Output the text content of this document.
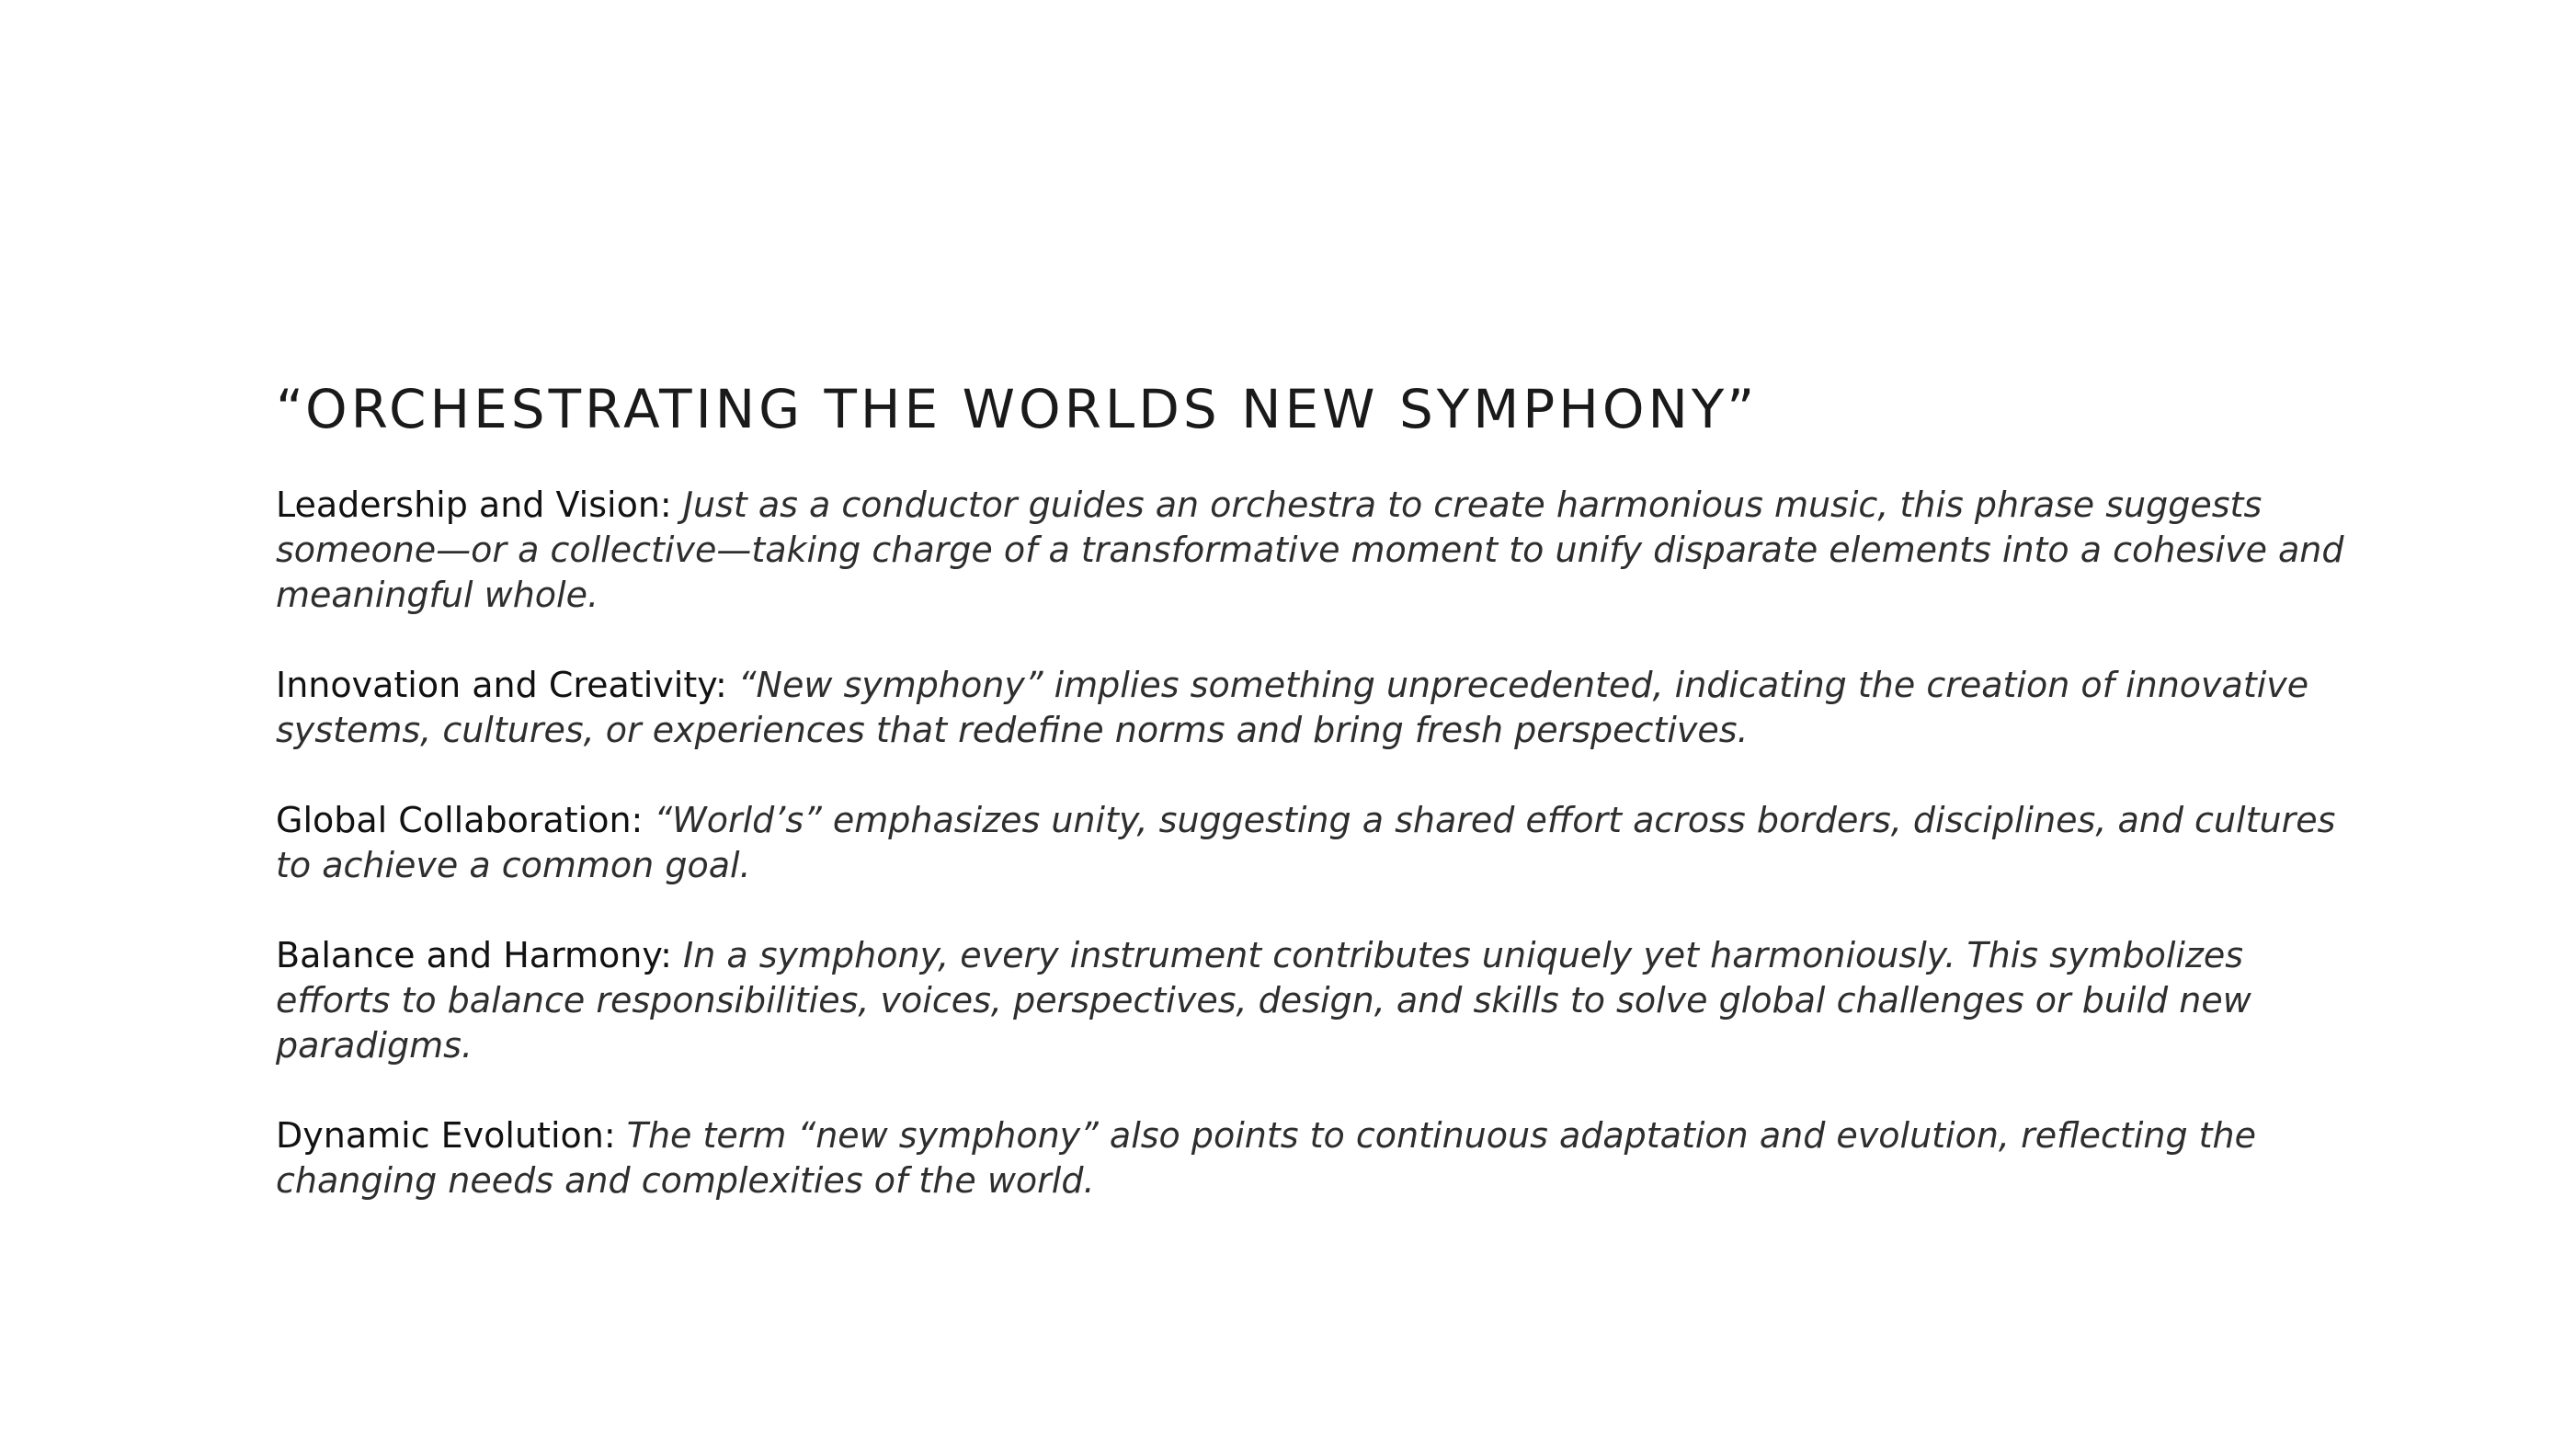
“ORCHESTRATING THE WORLDS NEW SYMPHONY”

Leadership and Vision: Just as a conductor guides an orchestra to create harmonious music, this phrase suggests someone—or a collective—taking charge of a transformative moment to unify disparate elements into a cohesive and meaningful whole.

Innovation and Creativity: “New symphony” implies something unprecedented, indicating the creation of innovative systems, cultures, or experiences that redefine norms and bring fresh perspectives.

Global Collaboration: “World’s” emphasizes unity, suggesting a shared effort across borders, disciplines, and cultures to achieve a common goal.

Balance and Harmony: In a symphony, every instrument contributes uniquely yet harmoniously. This symbolizes efforts to balance responsibilities, voices, perspectives, design, and skills to solve global challenges or build new paradigms.

Dynamic Evolution: The term “new symphony” also points to continuous adaptation and evolution, reflecting the changing needs and complexities of the world.
